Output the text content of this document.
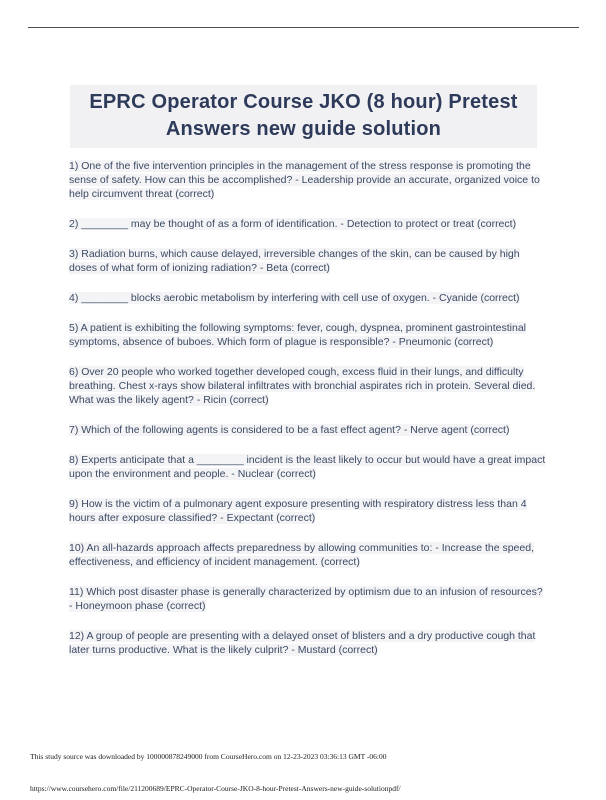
EPRC Operator Course JKO (8 hour) Pretest Answers new guide solution

1) One of the five intervention principles in the management of the stress response is promoting the sense of safety. How can this be accomplished? - Leadership provide an accurate, organized voice to help circumvent threat (correct)

2) ________ may be thought of as a form of identification. - Detection to protect or treat (correct)

3) Radiation burns, which cause delayed, irreversible changes of the skin, can be caused by high doses of what form of ionizing radiation? - Beta (correct)

4) ________ blocks aerobic metabolism by interfering with cell use of oxygen. - Cyanide (correct)

5) A patient is exhibiting the following symptoms: fever, cough, dyspnea, prominent gastrointestinal symptoms, absence of buboes. Which form of plague is responsible? - Pneumonic (correct)

6) Over 20 people who worked together developed cough, excess fluid in their lungs, and difficulty breathing. Chest x-rays show bilateral infiltrates with bronchial aspirates rich in protein. Several died. What was the likely agent? - Ricin (correct)

7) Which of the following agents is considered to be a fast effect agent? - Nerve agent (correct)

8) Experts anticipate that a ________ incident is the least likely to occur but would have a great impact upon the environment and people. - Nuclear (correct)

9) How is the victim of a pulmonary agent exposure presenting with respiratory distress less than 4 hours after exposure classified? - Expectant (correct)

10) An all-hazards approach affects preparedness by allowing communities to: - Increase the speed, effectiveness, and efficiency of incident management. (correct)

11) Which post disaster phase is generally characterized by optimism due to an infusion of resources? - Honeymoon phase (correct)

12) A group of people are presenting with a delayed onset of blisters and a dry productive cough that later turns productive. What is the likely culprit? - Mustard (correct)

This study source was downloaded by 100000878249000 from CourseHero.com on 12-23-2023 03:36:13 GMT -06:00
https://www.coursehero.com/file/211200689/EPRC-Operator-Course-JKO-8-hour-Pretest-Answers-new-guide-solutionpdf/
